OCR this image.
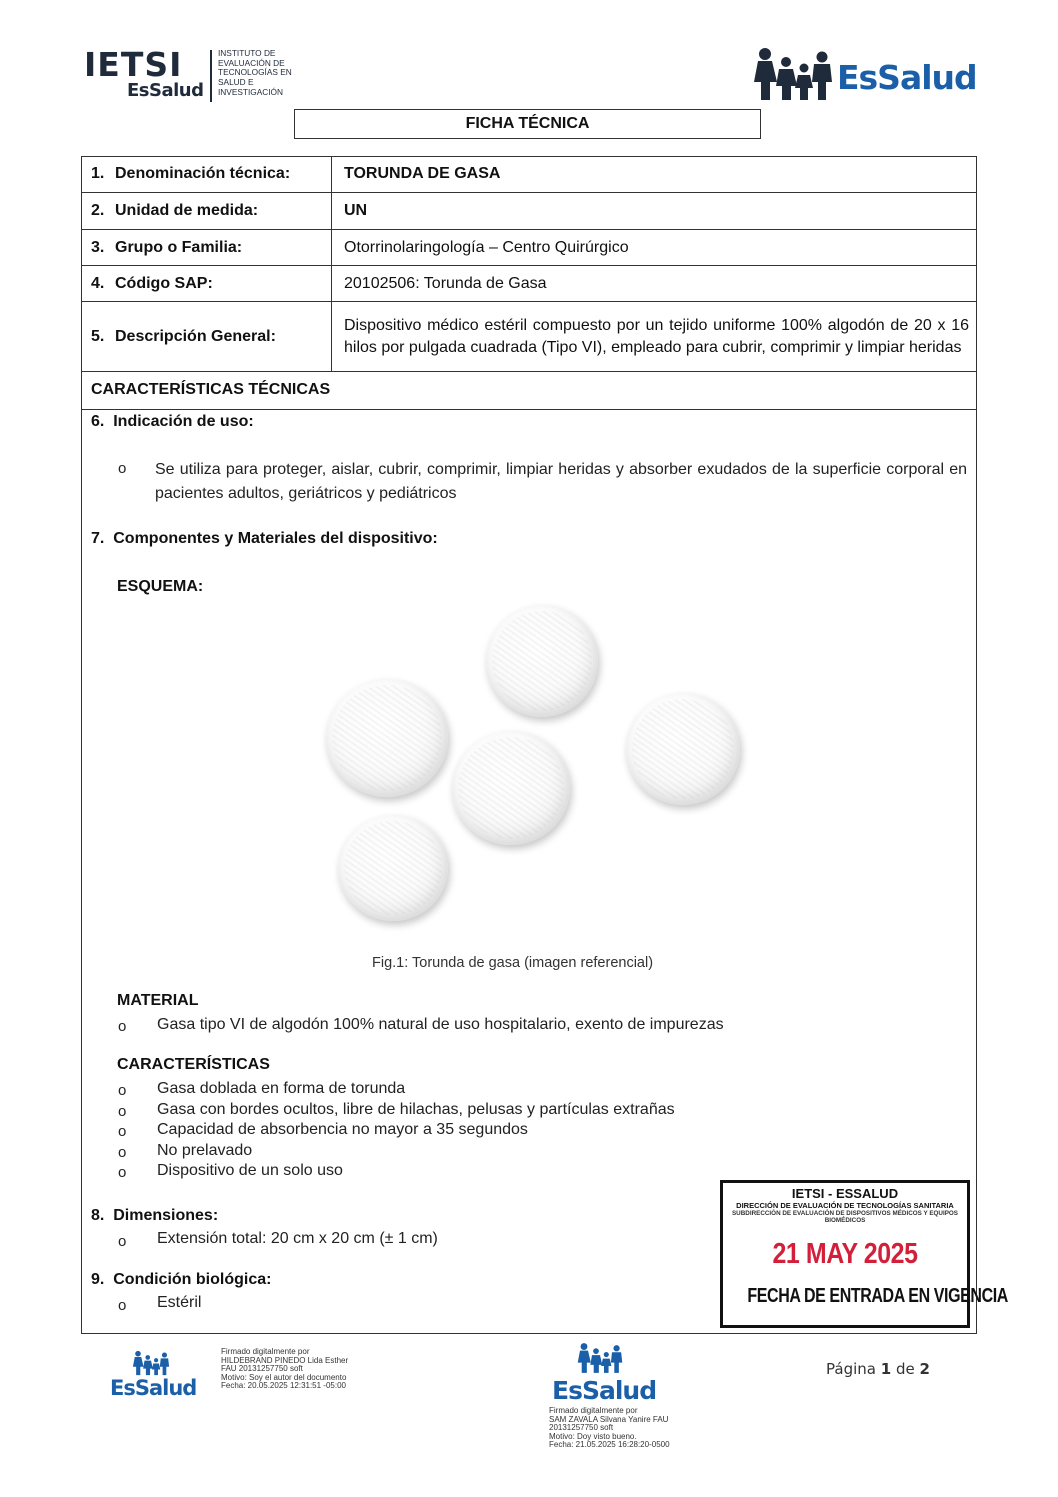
IETSI
EsSalud
INSTITUTO DE
EVALUACIÓN DE
TECNOLOGÍAS EN
SALUD E
INVESTIGACIÓN	EsSalud
FICHA TÉCNICA
1. Denominación técnica:	TORUNDA DE GASA
2. Unidad de medida:	UN
3. Grupo o Familia:	Otorrinolaringología – Centro Quirúrgico
4. Código SAP:	20102506: Torunda de Gasa
5. Descripción General:
Dispositivo médico estéril compuesto por un tejido uniforme 100% algodón de 20 x 16 hilos por pulgada cuadrada (Tipo VI), empleado para cubrir, comprimir y limpiar heridas
CARACTERÍSTICAS TÉCNICAS
6. Indicación de uso:
o Se utiliza para proteger, aislar, cubrir, comprimir, limpiar heridas y absorber exudados de la superficie corporal en pacientes adultos, geriátricos y pediátricos
7. Componentes y Materiales del dispositivo:
ESQUEMA:
Fig.1: Torunda de gasa (imagen referencial)
MATERIAL
o Gasa tipo VI de algodón 100% natural de uso hospitalario, exento de impurezas
CARACTERÍSTICAS
o Gasa doblada en forma de torunda
o Gasa con bordes ocultos, libre de hilachas, pelusas y partículas extrañas
o Capacidad de absorbencia no mayor a 35 segundos
o No prelavado
o Dispositivo de un solo uso
8. Dimensiones:
o Extensión total: 20 cm x 20 cm (± 1 cm)
9. Condición biológica:
o Estéril
IETSI - ESSALUD
DIRECCIÓN DE EVALUACIÓN DE TECNOLOGÍAS SANITARIA
SUBDIRECCIÓN DE EVALUACIÓN DE DISPOSITIVOS MÉDICOS Y EQUIPOS BIOMÉDICOS
21 MAY 2025
FECHA DE ENTRADA EN VIGENCIA
EsSalud
Firmado digitalmente por
HILDEBRAND PINEDO Lida Esther
FAU 20131257750 soft
Motivo: Soy el autor del documento
Fecha: 20.05.2025 12:31:51 -05:00	EsSalud
Firmado digitalmente por
SAM ZAVALA Silvana Yanire FAU
20131257750 soft
Motivo: Doy visto bueno.
Fecha: 21.05.2025 16:28:20-0500
Página 1 de 2
